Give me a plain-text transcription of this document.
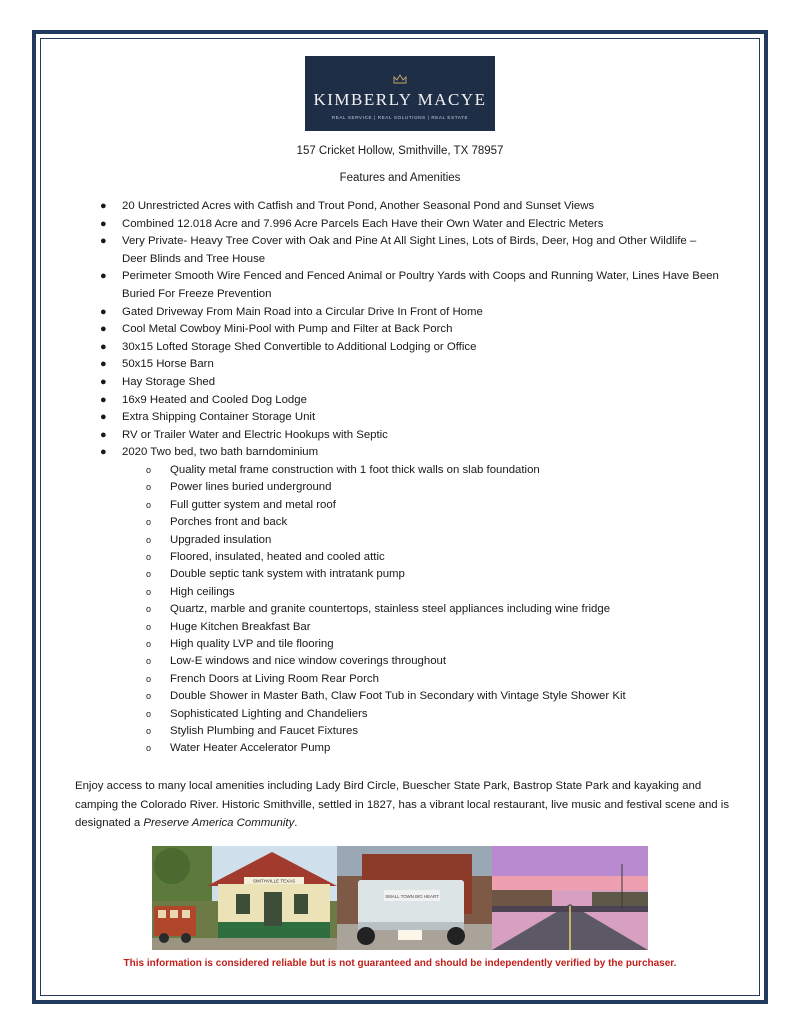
KIMBERLY MACYE
REAL SERVICE | REAL SOLUTIONS | REAL ESTATE
157 Cricket Hollow, Smithville, TX 78957
Features and Amenities
● 20 Unrestricted Acres with Catfish and Trout Pond, Another Seasonal Pond and Sunset Views
● Combined 12.018 Acre and 7.996 Acre Parcels Each Have their Own Water and Electric Meters
● Very Private- Heavy Tree Cover with Oak and Pine At All Sight Lines, Lots of Birds, Deer, Hog and Other Wildlife – Deer Blinds and Tree House
● Perimeter Smooth Wire Fenced and Fenced Animal or Poultry Yards with Coops and Running Water, Lines Have Been Buried For Freeze Prevention
● Gated Driveway From Main Road into a Circular Drive In Front of Home
● Cool Metal Cowboy Mini-Pool with Pump and Filter at Back Porch
● 30x15 Lofted Storage Shed Convertible to Additional Lodging or Office
● 50x15 Horse Barn
● Hay Storage Shed
● 16x9 Heated and Cooled Dog Lodge
● Extra Shipping Container Storage Unit
● RV or Trailer Water and Electric Hookups with Septic
● 2020 Two bed, two bath barndominium
o Quality metal frame construction with 1 foot thick walls on slab foundation
o Power lines buried underground
o Full gutter system and metal roof
o Porches front and back
o Upgraded insulation
o Floored, insulated, heated and cooled attic
o Double septic tank system with intratank pump
o High ceilings
o Quartz, marble and granite countertops, stainless steel appliances including wine fridge
o Huge Kitchen Breakfast Bar
o High quality LVP and tile flooring
o Low-E windows and nice window coverings throughout
o French Doors at Living Room Rear Porch
o Double Shower in Master Bath, Claw Foot Tub in Secondary with Vintage Style Shower Kit
o Sophisticated Lighting and Chandeliers
o Stylish Plumbing and Faucet Fixtures
o Water Heater Accelerator Pump
Enjoy access to many local amenities including Lady Bird Circle, Buescher State Park, Bastrop State Park and kayaking and camping the Colorado River. Historic Smithville, settled in 1827, has a vibrant local restaurant, live music and festival scene and is designated a Preserve America Community.
SMITHVILLE TEXAS
SMALL TOWN BIG HEART
This information is considered reliable but is not guaranteed and should be independently verified by the purchaser.
